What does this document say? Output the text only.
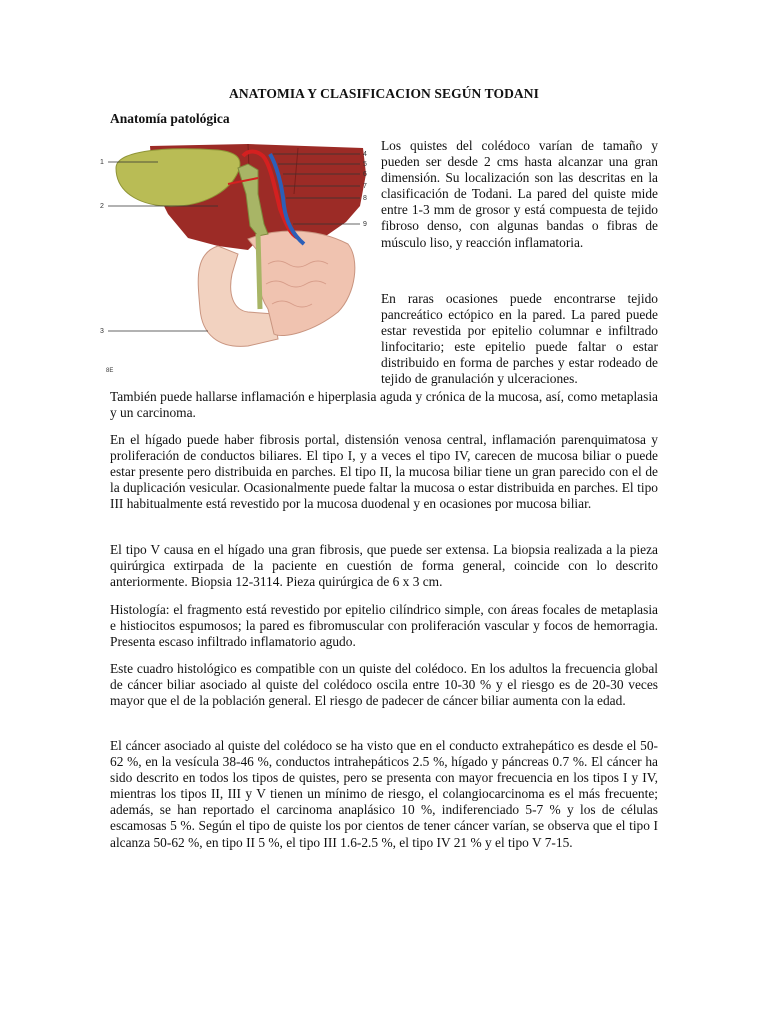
ANATOMIA Y CLASIFICACION SEGÚN TODANI
Anatomía patológica
1
2
3
4
5
6
7
8
9
8E
Los quistes del colédoco varían de tamaño y pueden ser desde 2 cms hasta alcanzar una gran dimensión. Su localización son las descritas en la clasificación de Todani. La pared del quiste mide entre 1-3 mm de grosor y está compuesta de tejido fibroso denso, con algunas bandas o fibras de músculo liso, y reacción inflamatoria.
En raras ocasiones puede encontrarse tejido pancreático ectópico en la pared. La pared puede estar revestida por epitelio columnar e infiltrado linfocitario; este epitelio puede faltar o estar distribuido en forma de parches y estar rodeado de tejido de granulación y ulceraciones.

También puede hallarse inflamación e hiperplasia aguda y crónica de la mucosa, así, como metaplasia y un carcinoma.

En el hígado puede haber fibrosis portal, distensión venosa central, inflamación parenquimatosa y proliferación de conductos biliares. El tipo I, y a veces el tipo IV, carecen de mucosa biliar o puede estar presente pero distribuida en parches. El tipo II, la mucosa biliar tiene un gran parecido con el de la duplicación vesicular. Ocasionalmente puede faltar la mucosa o estar distribuida en parches. El tipo III habitualmente está revestido por la mucosa duodenal y en ocasiones por mucosa biliar.

El tipo V causa en el hígado una gran fibrosis, que puede ser extensa. La biopsia realizada a la pieza quirúrgica extirpada de la paciente en cuestión de forma general, coincide con lo descrito anteriormente. Biopsia 12-3114. Pieza quirúrgica de 6 x 3 cm.

Histología: el fragmento está revestido por epitelio cilíndrico simple, con áreas focales de metaplasia e histiocitos espumosos; la pared es fibromuscular con proliferación vascular y focos de hemorragia. Presenta escaso infiltrado inflamatorio agudo.

Este cuadro histológico es compatible con un quiste del colédoco. En los adultos la frecuencia global de cáncer biliar asociado al quiste del colédoco oscila entre 10-30 % y el riesgo es de 20-30 veces mayor que el de la población general. El riesgo de padecer de cáncer biliar aumenta con la edad.

El cáncer asociado al quiste del colédoco se ha visto que en el conducto extrahepático es desde el 50-62 %, en la vesícula 38-46 %, conductos intrahepáticos 2.5 %, hígado y páncreas 0.7 %. El cáncer ha sido descrito en todos los tipos de quistes, pero se presenta con mayor frecuencia en los tipos I y IV, mientras los tipos II, III y V tienen un mínimo de riesgo, el colangiocarcinoma es el más frecuente; además, se han reportado el carcinoma anaplásico 10 %, indiferenciado 5-7 % y los de células escamosas 5 %. Según el tipo de quiste los por cientos de tener cáncer varían, se observa que el tipo I alcanza 50-62 %, en tipo II 5 %, el tipo III 1.6-2.5 %, el tipo IV 21 % y el tipo V 7-15.
